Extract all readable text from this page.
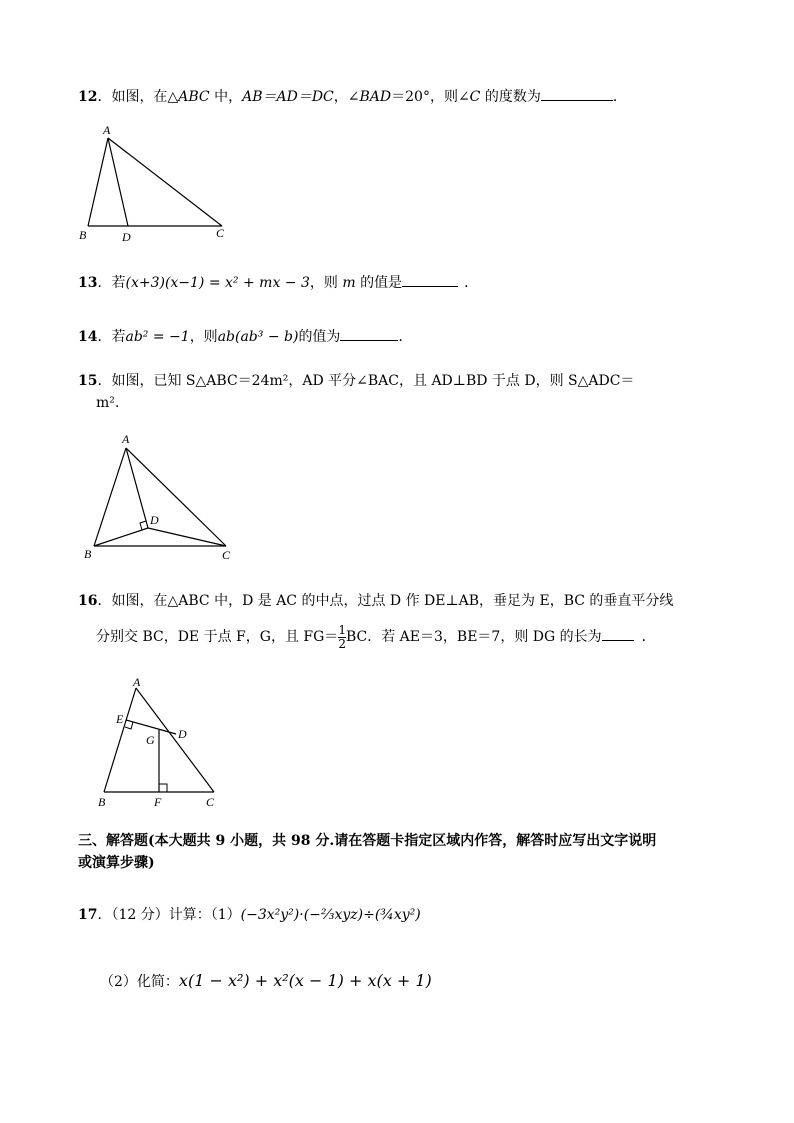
12．如图，在△ABC 中，AB＝AD＝DC，∠BAD＝20°，则∠C 的度数为	．
A
B	D	C
13．若(x+3)(x−1) = x² + mx − 3，则 m 的值是	．
14．若ab² = −1，则ab(ab³ − b)的值为	．
15．如图，已知 S△ABC＝24m²，AD 平分∠BAC，且 AD⊥BD 于点 D，则 S△ADC＝
m².
A
B	C
D
16．如图，在△ABC 中，D 是 AC 的中点，过点 D 作 DE⊥AB，垂足为 E，BC 的垂直平分线
分别交 BC，DE 于点 F，G，且 $FG= \frac{1}{2}$ BC．若 AE＝3，BE＝7，则 DG 的长为	．
A
E
G D
B	F	C
三、解答题(本大题共 9 小题，共 98 分.请在答题卡指定区域内作答，解答时应写出文字说明
或演算步骤)
17．（12 分）计算：（1）(−3x²y²)·(−⅔xyz)÷(¾xy²)
（2）化简：x(1 − x²) + x²(x − 1) + x(x + 1)
